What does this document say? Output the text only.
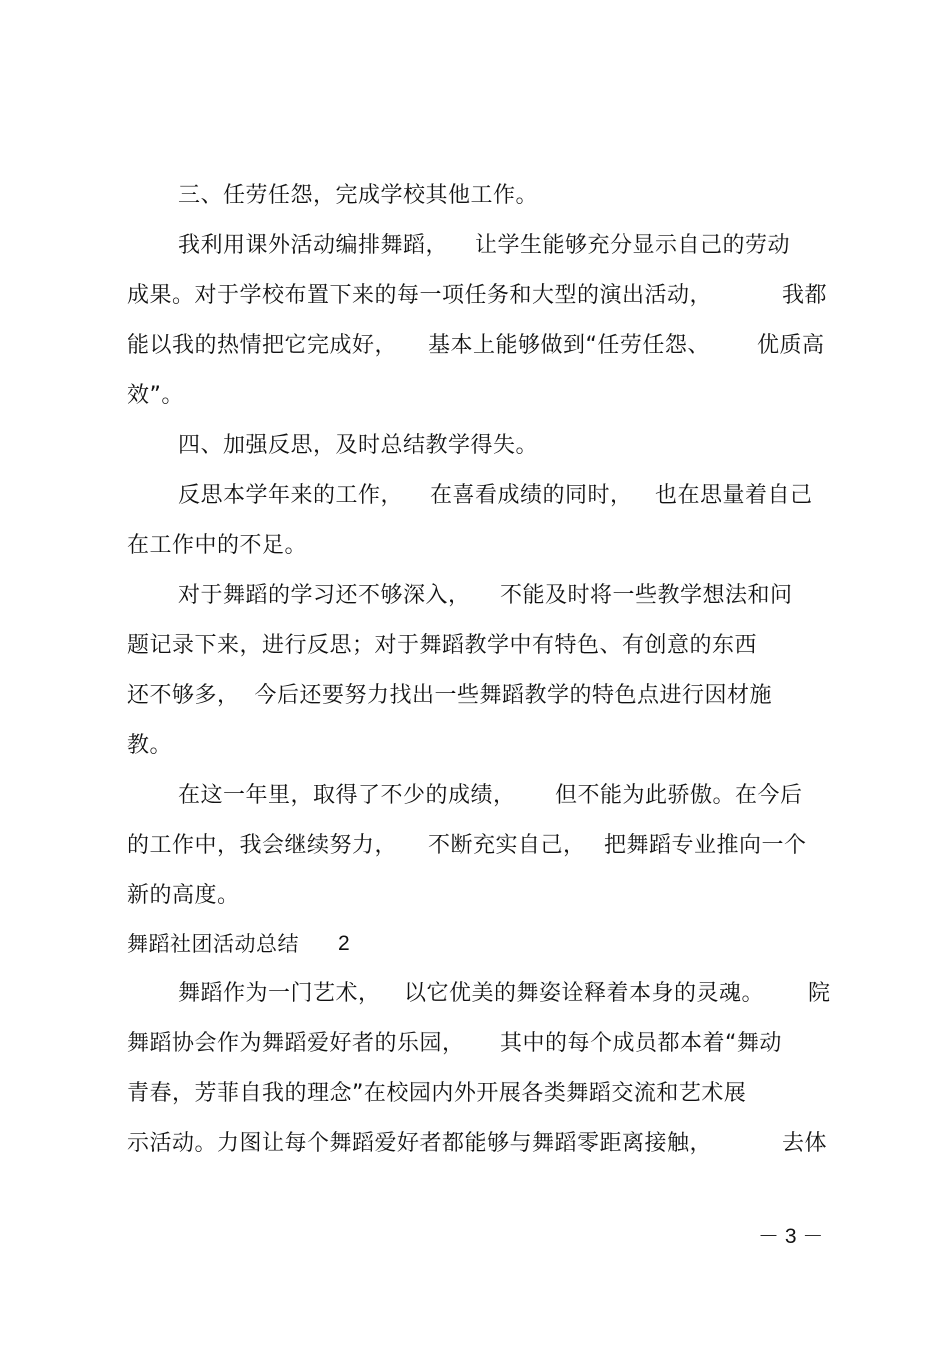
三、任劳任怨，完成学校其他工作。

我利用课外活动编排舞蹈，

让学生能够充分显示自己的劳动

成果。对于学校布置下来的每一项任务和大型的演出活动，

	我都

能以我的热情把它完成好，

基本上能够做到“任劳任怨、

优质高

效”。

四、加强反思，及时总结教学得失。

反思本学年来的工作，

在喜看成绩的同时，

也在思量着自己

在工作中的不足。

对于舞蹈的学习还不够深入，

不能及时将一些教学想法和问

题记录下来，进行反思；对于舞蹈教学中有特色、有创意的东西

还不够多，  今后还要努力找出一些舞蹈教学的特色点进行因材施

教。

在这一年里，取得了不少的成绩，

但不能为此骄傲。在今后

的工作中，我会继续努力，

不断充实自己，

把舞蹈专业推向一个

新的高度。

舞蹈社团活动总结

2

舞蹈作为一门艺术，

以它优美的舞姿诠释着本身的灵魂。

院

舞蹈协会作为舞蹈爱好者的乐园，

其中的每个成员都本着“舞动

青春，芳菲自我的理念”在校园内外开展各类舞蹈交流和艺术展

示活动。力图让每个舞蹈爱好者都能够与舞蹈零距离接触，

	去体

－ 3 －
